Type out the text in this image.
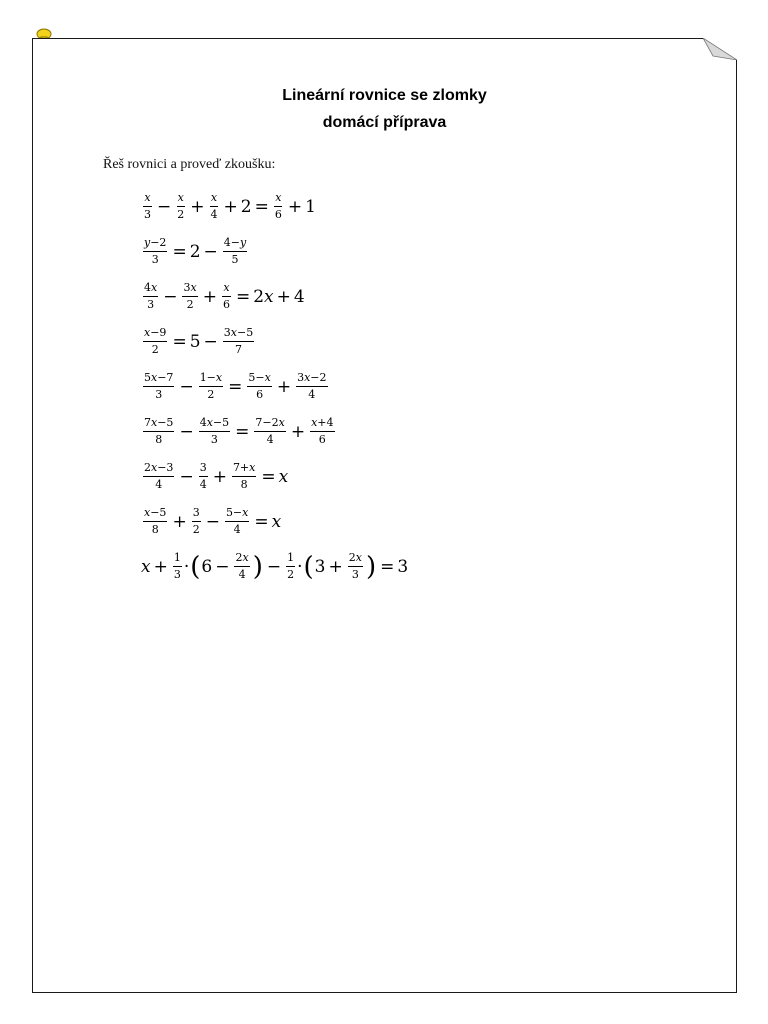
Lineární rovnice se zlomky
domácí příprava
Řeš rovnici a proveď zkoušku:
$\frac{x}{3} - \frac{x}{2} + \frac{x}{4} + 2 = \frac{x}{6} + 1$
$\frac{y-2}{3} = 2 - \frac{4-y}{5}$
$\frac{4x}{3} - \frac{3x}{2} + \frac{x}{6} = 2$ x + 4
$\frac{x-9}{2} = 5 - \frac{3x-5}{7}$
$\frac{5x-7}{3} - \frac{1-x}{2} = \frac{5-x}{6} + \frac{3x-2}{4}$
$\frac{7x-5}{8} - \frac{4x-5}{3} = \frac{7-2x}{4} + \frac{x+4}{6}$
$\frac{2x-3}{4} - \frac{3}{4} + \frac{7+x}{8} = x$
$\frac{x-5}{8} + \frac{3}{2} - \frac{5-x}{4} = x$
$x + \frac{1}{3}$ · ( $6 - \frac{2x}{4}$ ) − $\frac{1}{2}$ · ( $3 + \frac{2x}{3}$ ) = 3
